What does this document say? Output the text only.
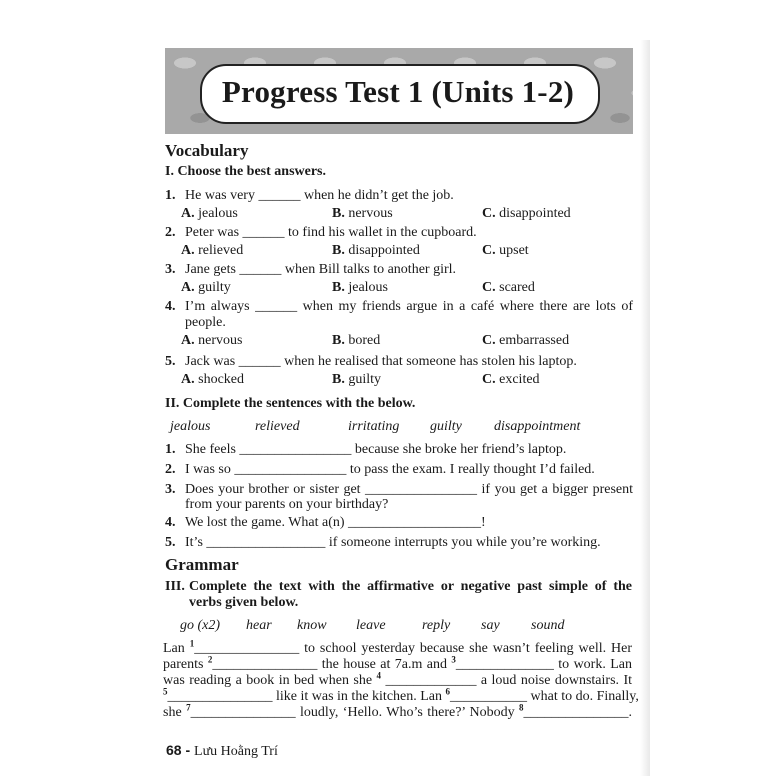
Progress Test 1 (Units 1-2)
Vocabulary
I. Choose the best answers.
1. He was very ______ when he didn’t get the job.
A. jealous	B. nervous	C. disappointed
2. Peter was ______ to find his wallet in the cupboard.
A. relieved	B. disappointed	C. upset
3. Jane gets ______ when Bill talks to another girl.
A. guilty	B. jealous	C. scared
4. I’m always ______ when my friends argue in a café where there are lots of
people.
A. nervous	B. bored	C. embarrassed
5. Jack was ______ when he realised that someone has stolen his laptop.
A. shocked	B. guilty	C. excited
II. Complete the sentences with the below.
jealous	relieved	irritating guilty disappointment
1. She feels ________________ because she broke her friend’s laptop.
2. I was so ________________ to pass the exam. I really thought I’d failed.
3. Does your brother or sister get ________________ if you get a bigger present
from your parents on your birthday?
4. We lost the game. What a(n) ___________________!
5. It’s _________________ if someone interrupts you while you’re working.
Grammar
III. Complete the text with the affirmative or negative past simple of the
verbs given below.
go (x2) hear know leave	reply say sound
Lan $^1$_______________ to school yesterday because she wasn’t feeling well. Her
parents $^2$_______________ the house at 7a.m and $^3$______________ to work. Lan
was reading a book in bed when she $^4$ _____________ a loud noise downstairs. It
$^5$_______________ like it was in the kitchen. Lan $^6$___________ what to do. Finally,
she $^7$_______________ loudly, ‘Hello. Who’s there?’ Nobody $^8$_______________.
68 - Lưu Hoằng Trí
